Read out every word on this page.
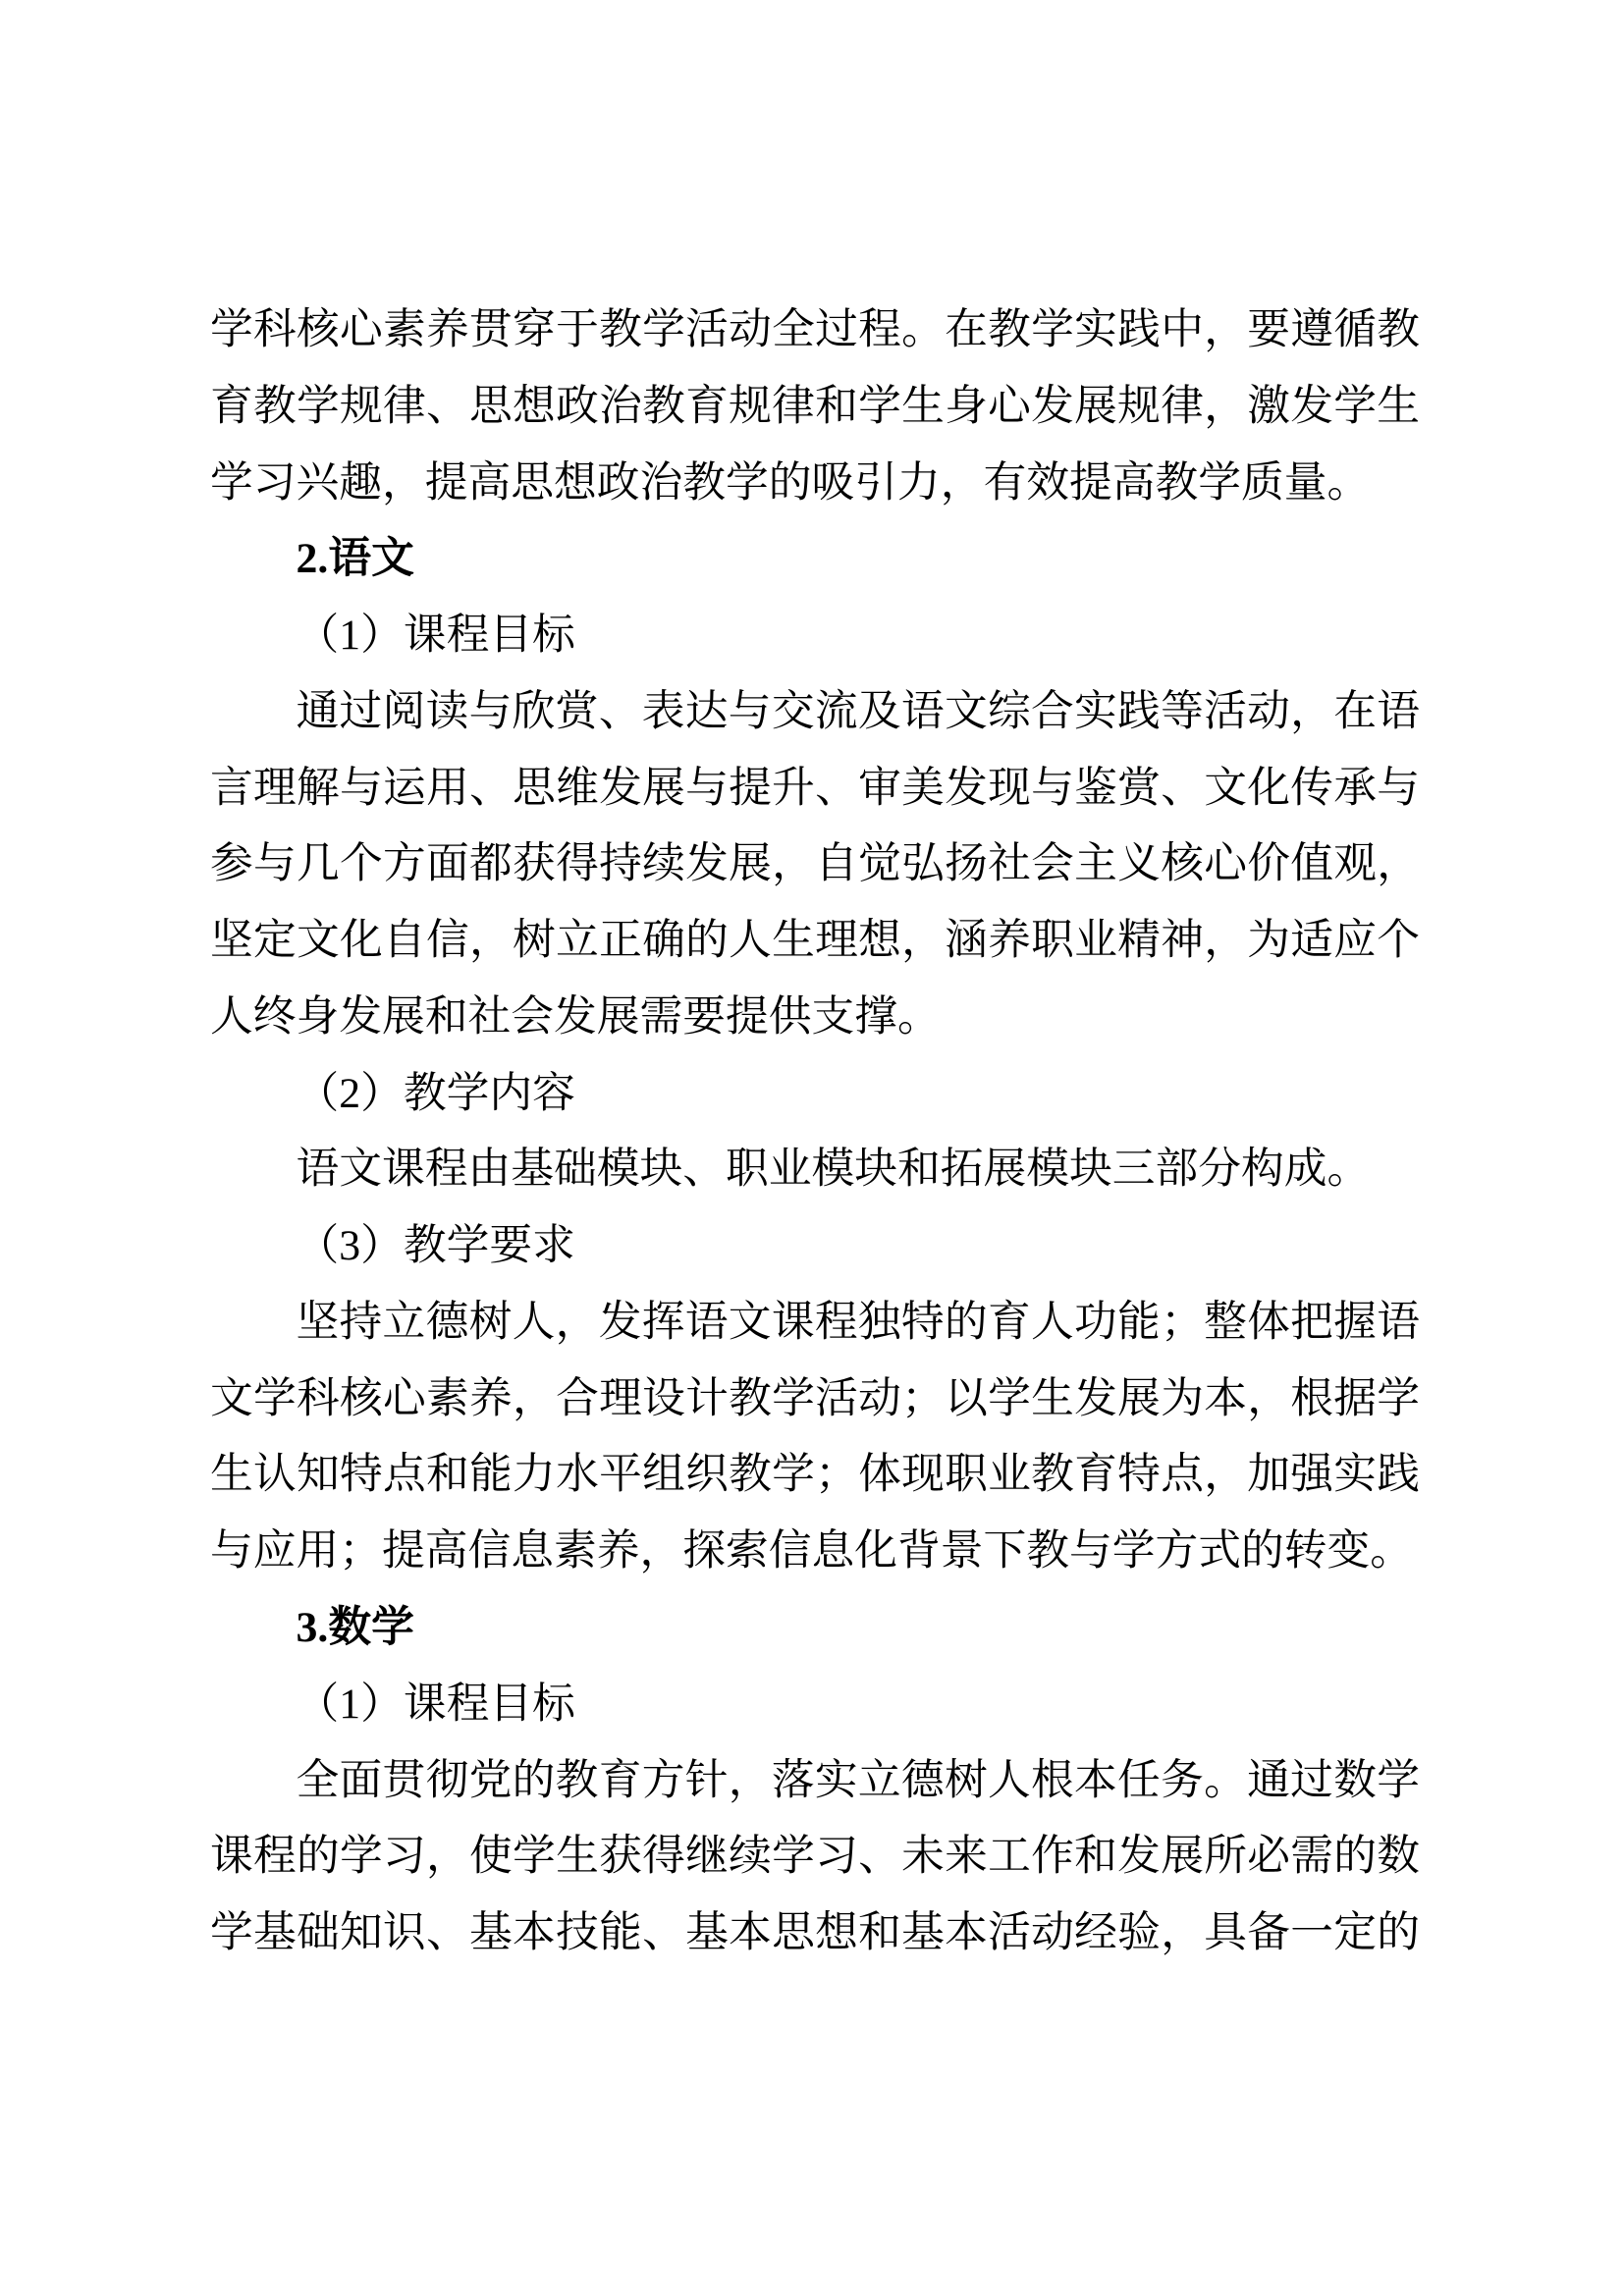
学科核心素养贯穿于教学活动全过程。在教学实践中，要遵循教
育教学规律、思想政治教育规律和学生身心发展规律，激发学生
学习兴趣，提高思想政治教学的吸引力，有效提高教学质量。
2.语文
（1）课程目标
通过阅读与欣赏、表达与交流及语文综合实践等活动，在语
言理解与运用、思维发展与提升、审美发现与鉴赏、文化传承与
参与几个方面都获得持续发展，自觉弘扬社会主义核心价值观，
坚定文化自信，树立正确的人生理想，涵养职业精神，为适应个
人终身发展和社会发展需要提供支撑。
（2）教学内容
语文课程由基础模块、职业模块和拓展模块三部分构成。
（3）教学要求
坚持立德树人，发挥语文课程独特的育人功能；整体把握语
文学科核心素养，合理设计教学活动；以学生发展为本，根据学
生认知特点和能力水平组织教学；体现职业教育特点，加强实践
与应用；提高信息素养，探索信息化背景下教与学方式的转变。
3.数学
（1）课程目标
全面贯彻党的教育方针，落实立德树人根本任务。通过数学
课程的学习，使学生获得继续学习、未来工作和发展所必需的数
学基础知识、基本技能、基本思想和基本活动经验，具备一定的
